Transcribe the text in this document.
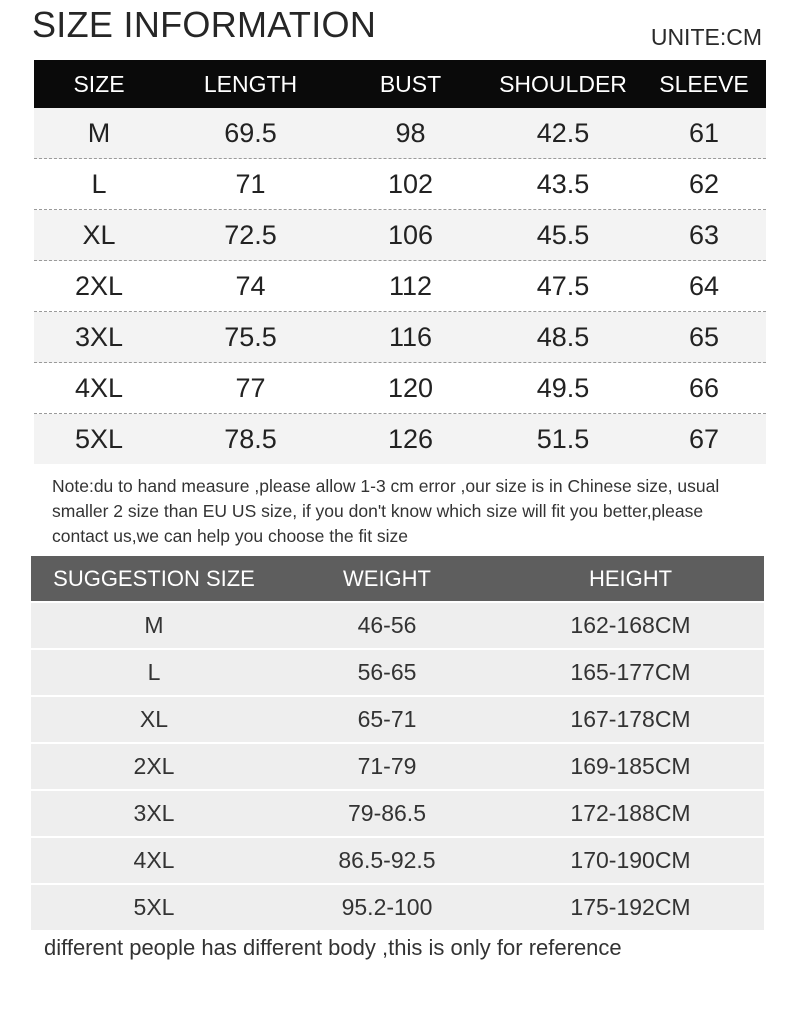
SIZE INFORMATION	UNITE:CM
SIZE	LENGTH	BUST	SHOULDER	SLEEVE
M	69.5	98	42.5	61
L	71	102	43.5	62
XL	72.5	106	45.5	63
2XL	74	112	47.5	64
3XL	75.5	116	48.5	65
4XL	77	120	49.5	66
5XL	78.5	126	51.5	67
Note:du to hand measure ,please allow 1-3 cm error ,our size is in Chinese size, usual smaller 2 size than EU US size, if you don't know which size will fit you better,please contact us,we can help you choose the fit size
SUGGESTION SIZE	WEIGHT	HEIGHT
M	46-56	162-168CM
L	56-65	165-177CM
XL	65-71	167-178CM
2XL	71-79	169-185CM
3XL	79-86.5	172-188CM
4XL	86.5-92.5	170-190CM
5XL	95.2-100	175-192CM
different people has different body ,this is only for reference
